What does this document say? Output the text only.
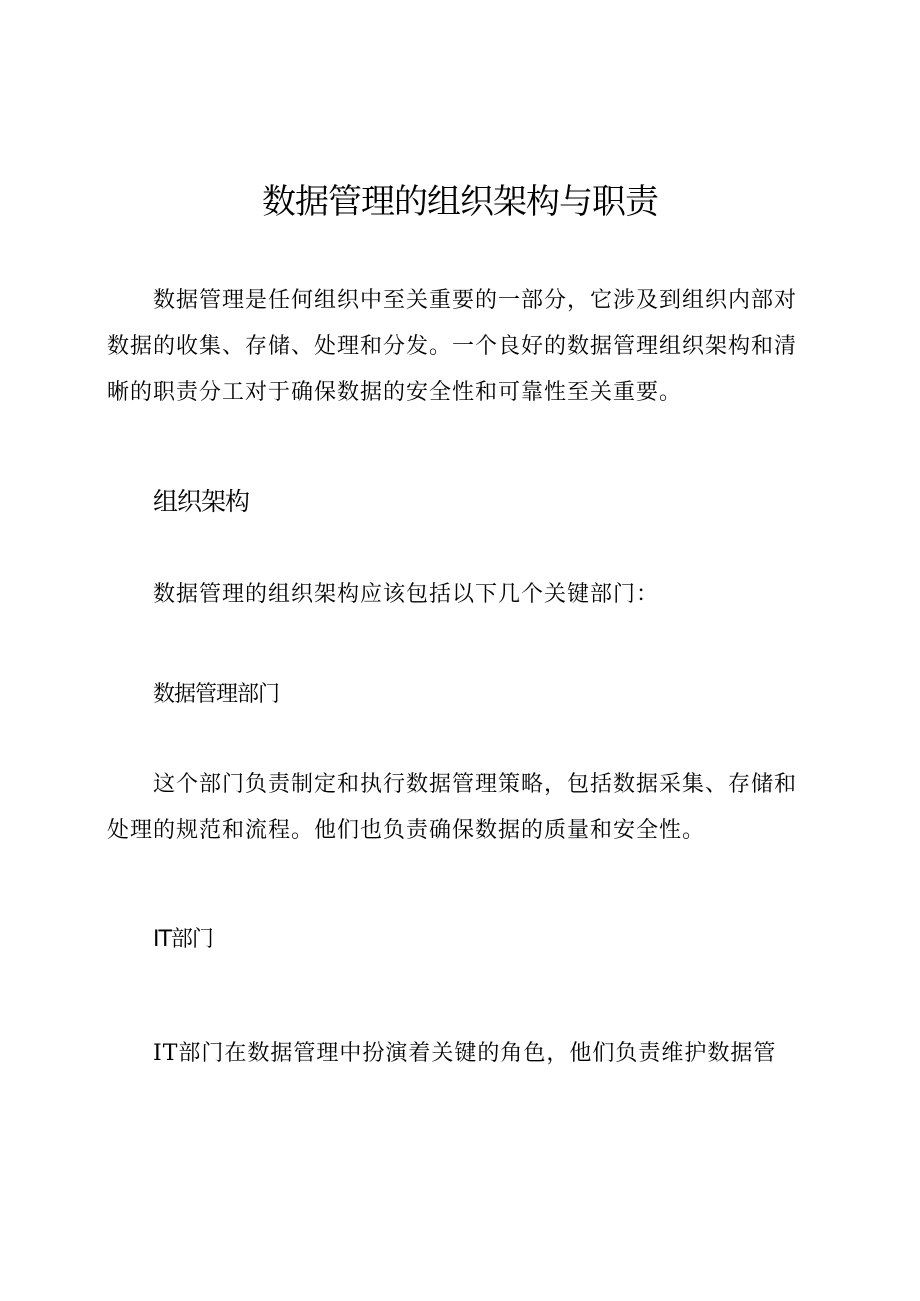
数据管理的组织架构与职责

数据管理是任何组织中至关重要的一部分，它涉及到组织内部对数据的收集、存储、处理和分发。一个良好的数据管理组织架构和清晰的职责分工对于确保数据的安全性和可靠性至关重要。

组织架构

数据管理的组织架构应该包括以下几个关键部门：

数据管理部门

这个部门负责制定和执行数据管理策略，包括数据采集、存储和处理的规范和流程。他们也负责确保数据的质量和安全性。

IT部门

IT部门在数据管理中扮演着关键的角色，他们负责维护数据管
